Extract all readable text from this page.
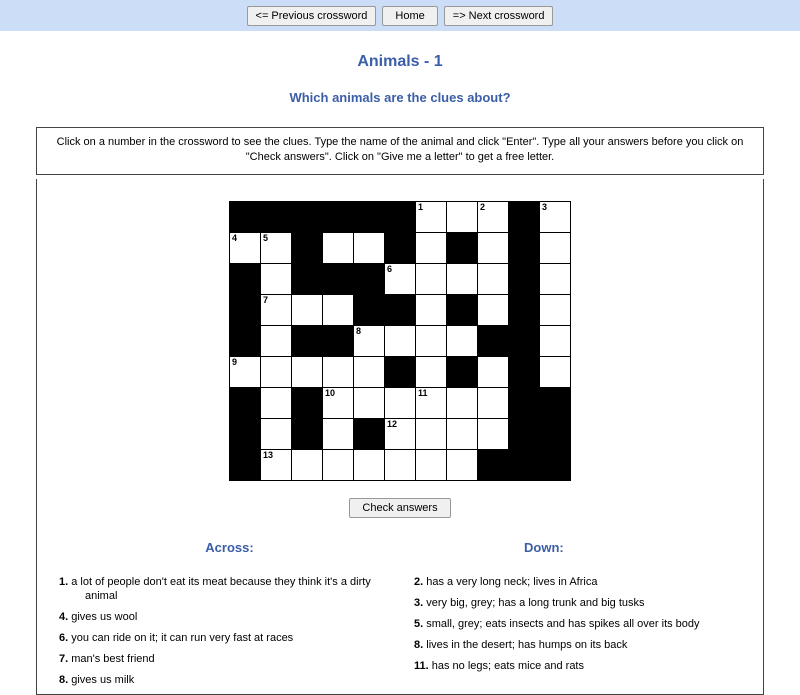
<= Previous crossword	Home	=> Next crossword
Animals - 1
Which animals are the clues about?
Click on a number in the crossword to see the clues. Type the name of the animal and click "Enter". Type all your answers before you click on "Check answers". Click on "Give me a letter" to get a free letter.

						1		2		3

4	5									

					6					

	7									

				8						

9										

			10			11				

					12					

	13									

Check answers
Across:

1. a lot of people don't eat its meat because they think it's a dirty animal

4. gives us wool

6. you can ride on it; it can run very fast at races

7. man's best friend

8. gives us milk

Down:

2. has a very long neck; lives in Africa

3. very big, grey; has a long trunk and big tusks

5. small, grey; eats insects and has spikes all over its body

8. lives in the desert; has humps on its back

11. has no legs; eats mice and rats
